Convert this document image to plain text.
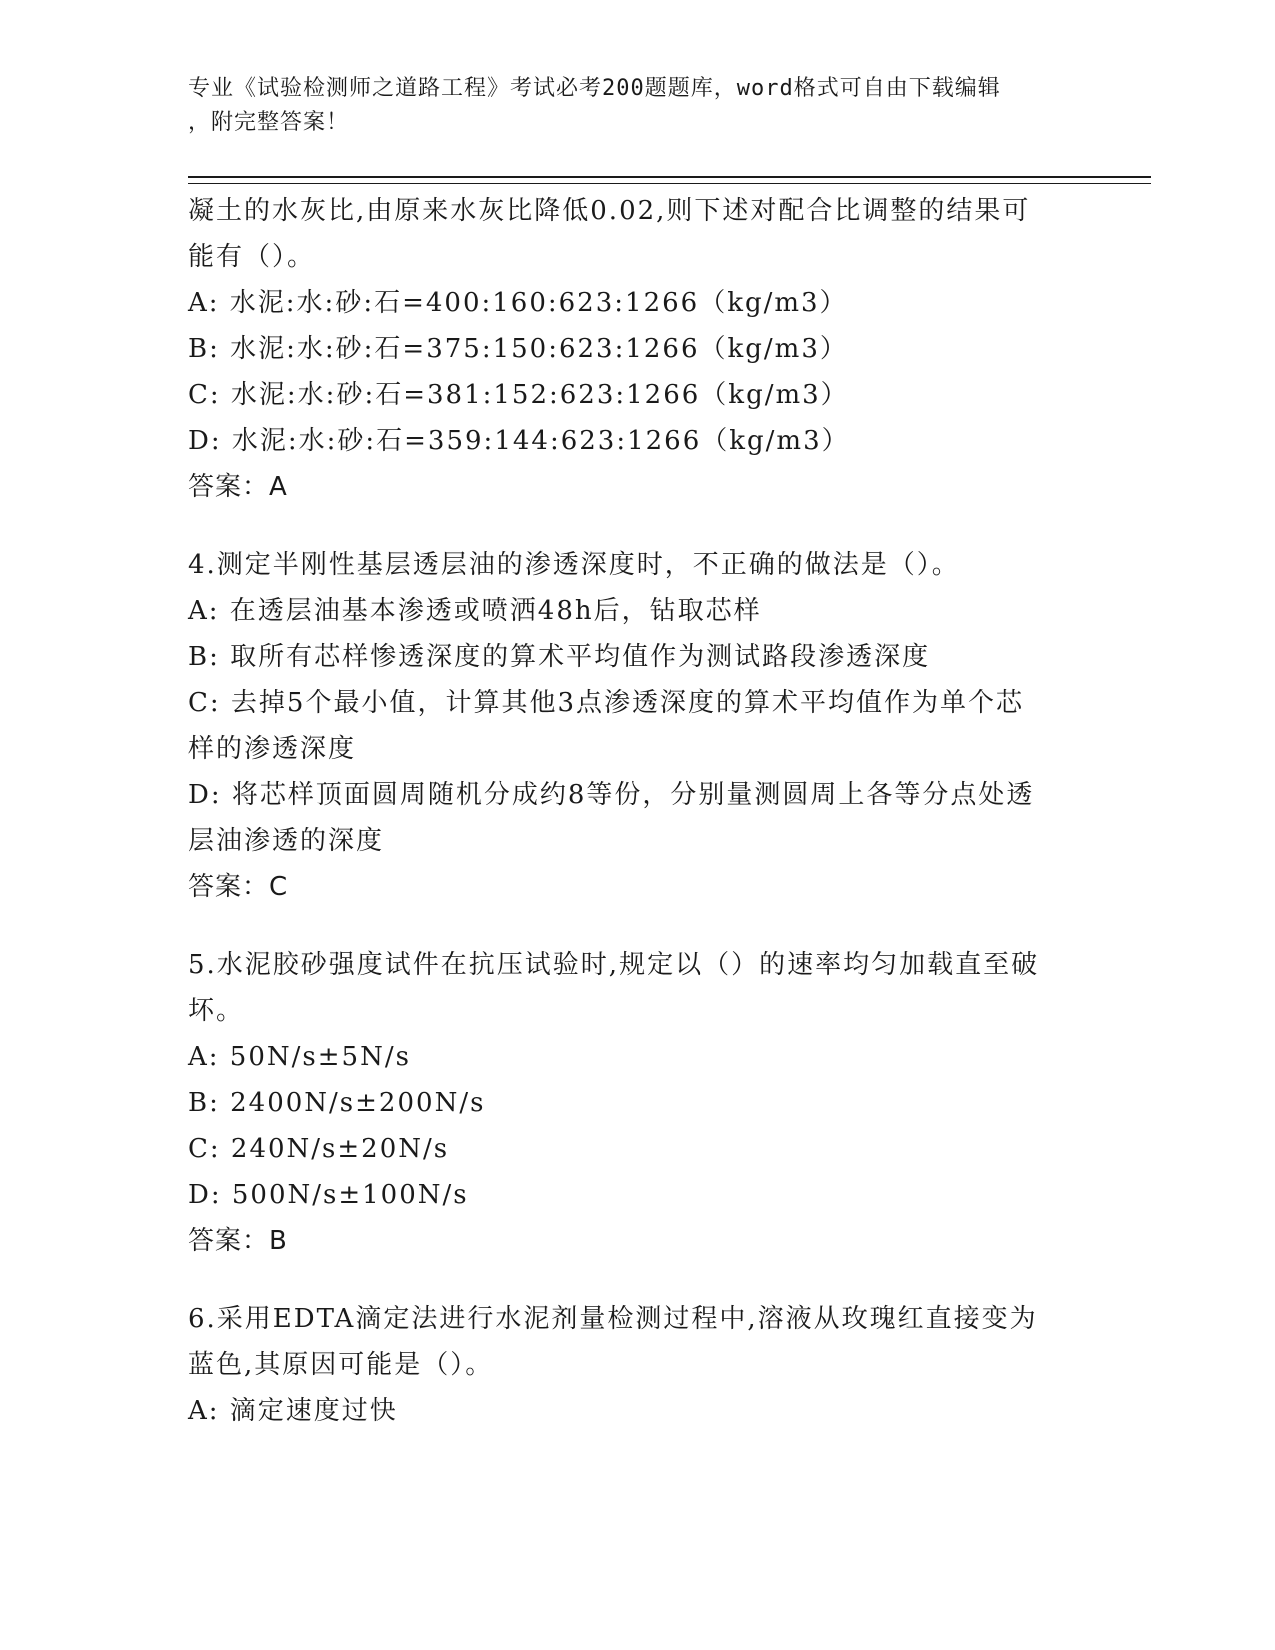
专业《试验检测师之道路工程》考试必考200题题库，word格式可自由下载编辑
，附完整答案！

凝土的水灰比,由原来水灰比降低0.02,则下述对配合比调整的结果可

能有（）。

A: 水泥:水:砂:石=400:160:623:1266（kg/m3）

B: 水泥:水:砂:石=375:150:623:1266（kg/m3）

C: 水泥:水:砂:石=381:152:623:1266（kg/m3）

D: 水泥:水:砂:石=359:144:623:1266（kg/m3）

答案：A

4.测定半刚性基层透层油的渗透深度时，不正确的做法是（）。

A: 在透层油基本渗透或喷洒48h后，钻取芯样

B: 取所有芯样惨透深度的算术平均值作为测试路段渗透深度

C: 去掉5个最小值，计算其他3点渗透深度的算术平均值作为单个芯

样的渗透深度

D: 将芯样顶面圆周随机分成约8等份，分别量测圆周上各等分点处透

层油渗透的深度

答案：C

5.水泥胶砂强度试件在抗压试验时,规定以（）的速率均匀加载直至破

坏。

A: 50N/s±5N/s

B: 2400N/s±200N/s

C: 240N/s±20N/s

D: 500N/s±100N/s

答案：B

6.采用EDTA滴定法进行水泥剂量检测过程中,溶液从玫瑰红直接变为

蓝色,其原因可能是（）。

A: 滴定速度过快
